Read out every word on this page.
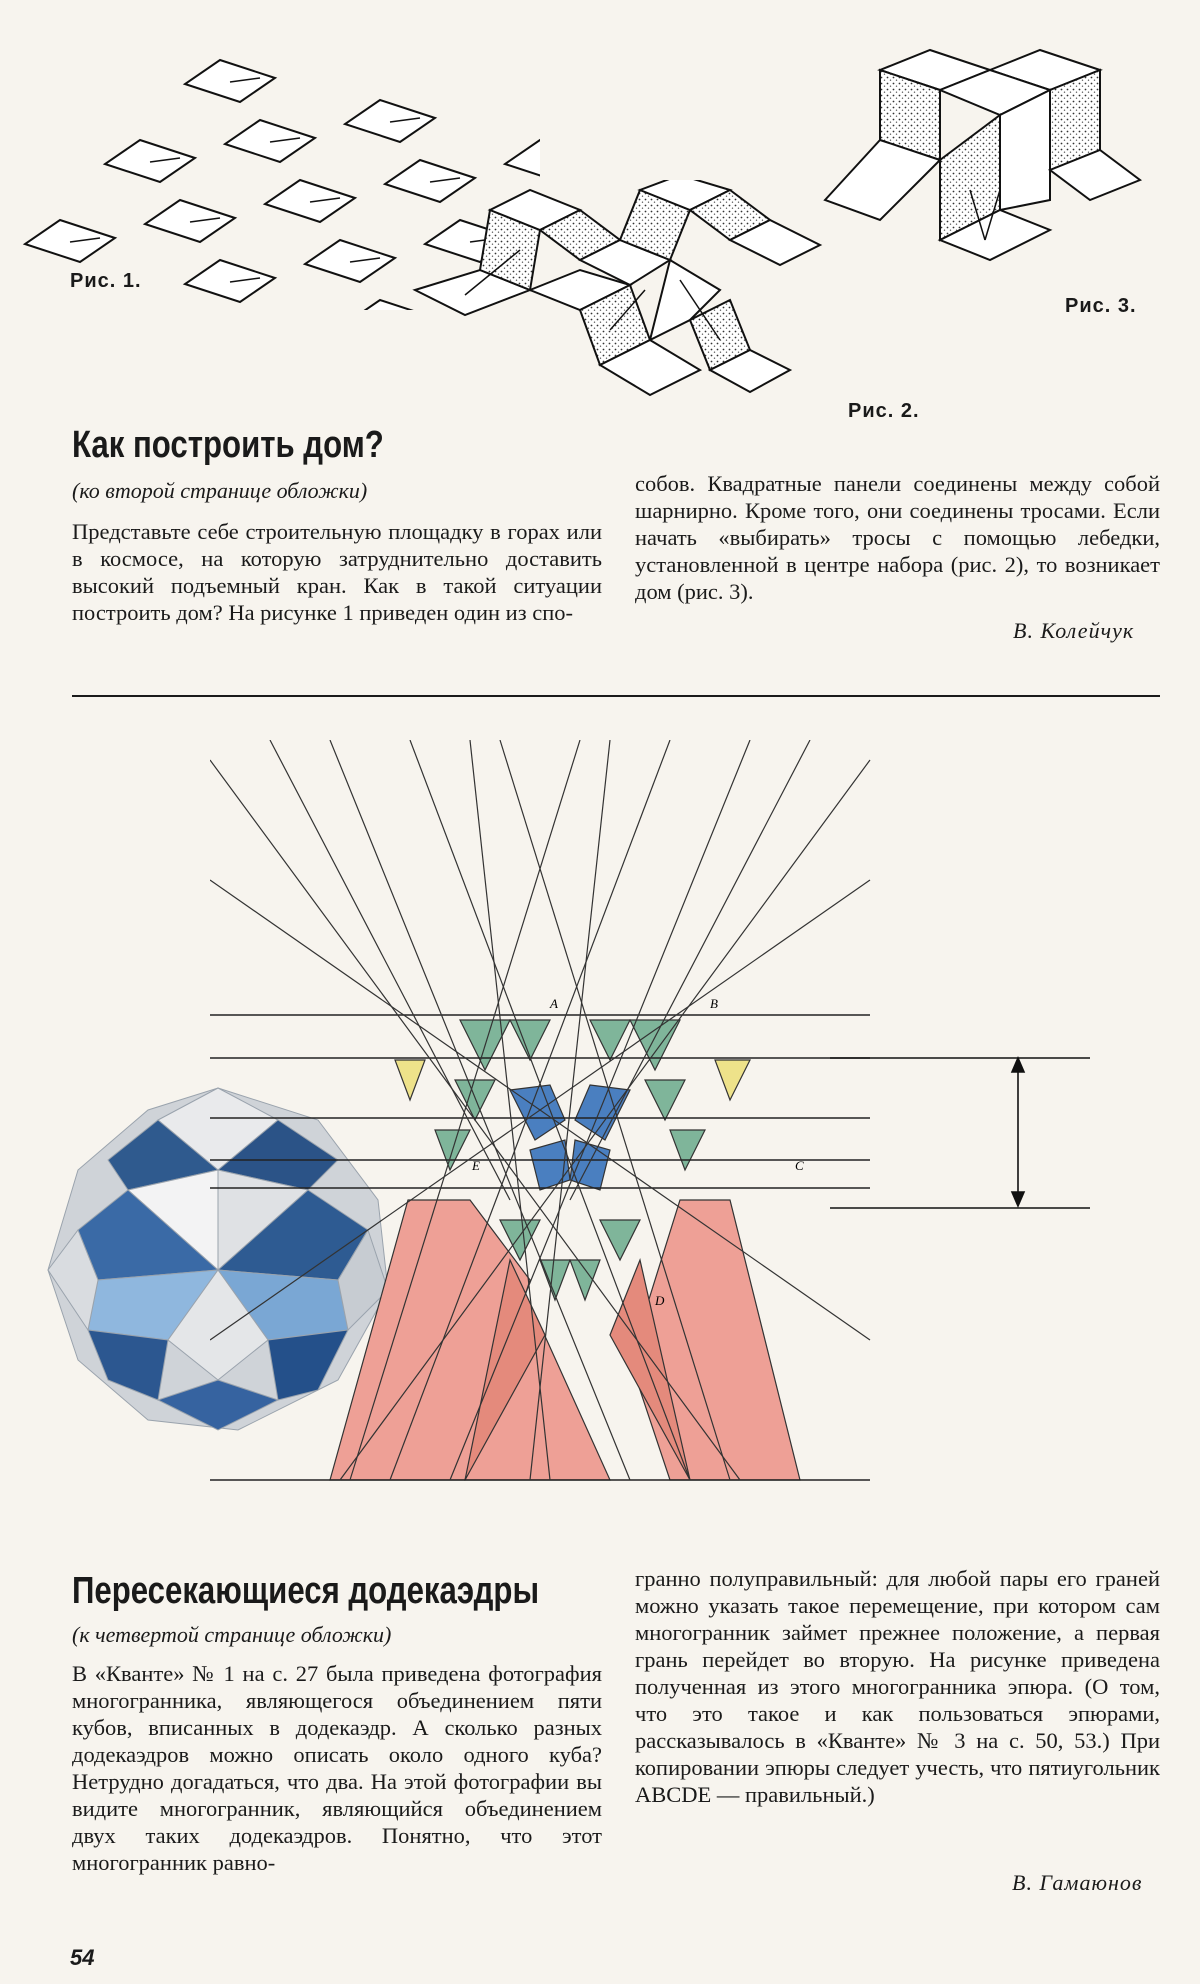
Рис. 1.
Рис. 3.
Рис. 2.
Как построить дом?
(ко второй странице обложки)

Представьте себе строительную площадку в горах или в космосе, на которую затруднительно доставить высокий подъемный кран. Как в такой ситуации построить дом? На рисунке 1 приведен один из спо-

собов. Квадратные панели соединены между собой шарнирно. Кроме того, они соединены тросами. Если начать «выбирать» тросы с помощью лебедки, установленной в центре набора (рис. 2), то возникает дом (рис. 3).

В. Колейчук
A	B
C
D
E
Пересекающиеся додекаэдры
(к четвертой странице обложки)

В «Кванте» № 1 на с. 27 была приведена фотография многогранника, являющегося объединением пяти кубов, вписанных в додекаэдр. А сколько разных додекаэдров можно описать около одного куба? Нетрудно догадаться, что два. На этой фотографии вы видите многогранник, являющийся объединением двух таких додекаэдров. Понятно, что этот многогранник равно-

гранно полуправильный: для любой пары его граней можно указать такое перемещение, при котором сам многогранник займет прежнее положение, а первая грань перейдет во вторую. На рисунке приведена полученная из этого многогранника эпюра. (О том, что это такое и как пользоваться эпюрами, рассказывалось в «Кванте» № 3 на с. 50, 53.) При копировании эпюры следует учесть, что пятиугольник ABCDE — правильный.)

В. Гамаюнов
54
